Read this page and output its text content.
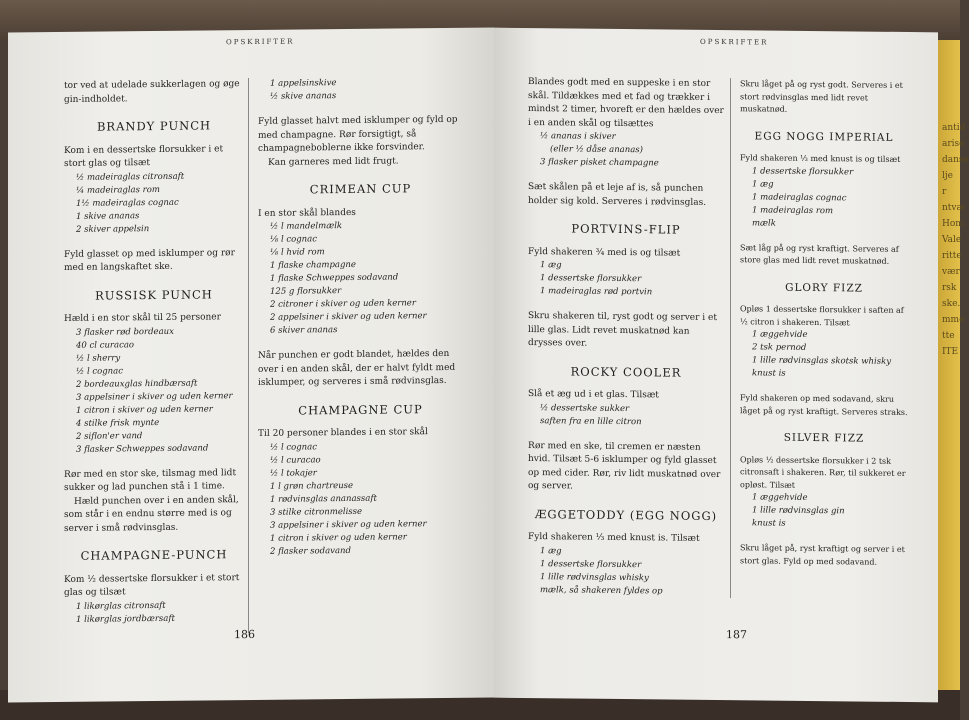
antid
arise
danse
lje r
ntvæ
Hom
Vale
ritte
vær
rsk
ske.
mme
tte
ITE
OPSKRIFTER

tor ved at udelade sukkerlagen og øge gin-indholdet.

BRANDY PUNCH

Kom i en dessertske florsukker i et stort glas og tilsæt

½ madeiraglas citronsaft
¼ madeiraglas rom
1½ madeiraglas cognac
1 skive ananas
2 skiver appelsin

Fyld glasset op med isklumper og rør med en langskaftet ske.

RUSSISK PUNCH

Hæld i en stor skål til 25 personer

3 flasker rød bordeaux
40 cl curacao
½ l sherry
½ l cognac
2 bordeauxglas hindbærsaft
3 appelsiner i skiver og uden kerner
1 citron i skiver og uden kerner
4 stilke frisk mynte
2 siflon'er vand
3 flasker Schweppes sodavand

Rør med en stor ske, tilsmag med lidt sukker og lad punchen stå i 1 time.

Hæld punchen over i en anden skål, som står i en endnu større med is og server i små rødvinsglas.

CHAMPAGNE-PUNCH

Kom ½ dessertske florsukker i et stort glas og tilsæt

1 likørglas citronsaft
1 likørglas jordbærsaft
1 appelsinskive
½ skive ananas

Fyld glasset halvt med isklumper og fyld op med champagne. Rør forsigtigt, så champagneboblerne ikke forsvinder.

Kan garneres med lidt frugt.

CRIMEAN CUP

I en stor skål blandes

½ l mandelmælk
⅛ l cognac
⅛ l hvid rom
1 flaske champagne
1 flaske Schweppes sodavand
125 g florsukker
2 citroner i skiver og uden kerner
2 appelsiner i skiver og uden kerner
6 skiver ananas

Når punchen er godt blandet, hældes den over i en anden skål, der er halvt fyldt med isklumper, og serveres i små rødvinsglas.

CHAMPAGNE CUP

Til 20 personer blandes i en stor skål

½ l cognac
½ l curacao
½ l tokajer
1 l grøn chartreuse
1 rødvinsglas ananassaft
3 stilke citronmelisse
3 appelsiner i skiver og uden kerner
1 citron i skiver og uden kerner
2 flasker sodavand
186
OPSKRIFTER

Blandes godt med en suppeske i en stor skål. Tildækkes med et fad og trækker i mindst 2 timer, hvoreft er den hældes over i en anden skål og tilsættes

½ ananas i skiver
(eller ½ dåse ananas)
3 flasker pisket champagne

Sæt skålen på et leje af is, så punchen holder sig kold. Serveres i rødvinsglas.

PORTVINS-FLIP

Fyld shakeren ¾ med is og tilsæt

1 æg
1 dessertske florsukker
1 madeiraglas rød portvin

Skru shakeren til, ryst godt og server i et lille glas. Lidt revet muskatnød kan drysses over.

ROCKY COOLER

Slå et æg ud i et glas. Tilsæt

½ dessertske sukker
saften fra en lille citron

Rør med en ske, til cremen er næsten hvid. Tilsæt 5-6 isklumper og fyld glasset op med cider. Rør, riv lidt muskatnød over og server.

ÆGGETODDY (EGG NOGG)

Fyld shakeren ⅓ med knust is. Tilsæt

1 æg
1 dessertske florsukker
1 lille rødvinsglas whisky
mælk, så shakeren fyldes op

Skru låget på og ryst godt. Serveres i et stort rødvinsglas med lidt revet muskatnød.

EGG NOGG IMPERIAL

Fyld shakeren ⅓ med knust is og tilsæt

1 dessertske florsukker
1 æg
1 madeiraglas cognac
1 madeiraglas rom
mælk

Sæt låg på og ryst kraftigt. Serveres af store glas med lidt revet muskatnød.

GLORY FIZZ

Opløs 1 dessertske florsukker i saften af ½ citron i shakeren. Tilsæt

1 æggehvide
2 tsk pernod
1 lille rødvinsglas skotsk whisky
knust is

Fyld shakeren op med sodavand, skru låget på og ryst kraftigt. Serveres straks.

SILVER FIZZ

Opløs ½ dessertske florsukker i 2 tsk citronsaft i shakeren. Rør, til sukkeret er opløst. Tilsæt

1 æggehvide
1 lille rødvinsglas gin
knust is

Skru låget på, ryst kraftigt og server i et stort glas. Fyld op med sodavand.

187
